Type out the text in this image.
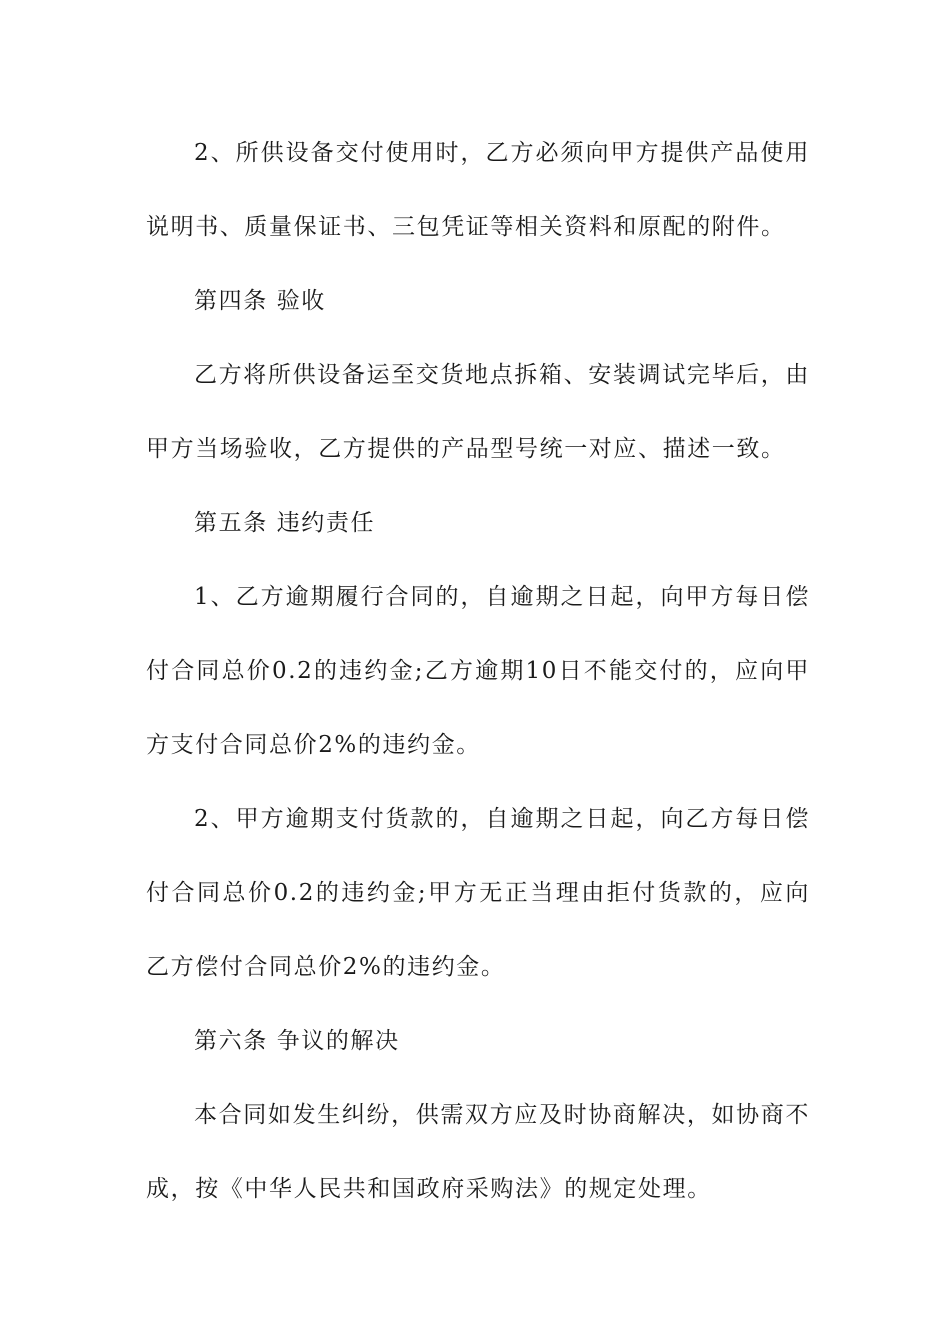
2、所供设备交付使用时，乙方必须向甲方提供产品使用说明书、质量保证书、三包凭证等相关资料和原配的附件。

第四条 验收

乙方将所供设备运至交货地点拆箱、安装调试完毕后，由甲方当场验收，乙方提供的产品型号统一对应、描述一致。

第五条 违约责任

1、乙方逾期履行合同的，自逾期之日起，向甲方每日偿付合同总价0.2的违约金;乙方逾期10日不能交付的，应向甲方支付合同总价2%的违约金。

2、甲方逾期支付货款的，自逾期之日起，向乙方每日偿付合同总价0.2的违约金;甲方无正当理由拒付货款的，应向乙方偿付合同总价2%的违约金。

第六条 争议的解决

本合同如发生纠纷，供需双方应及时协商解决，如协商不成，按《中华人民共和国政府采购法》的规定处理。
